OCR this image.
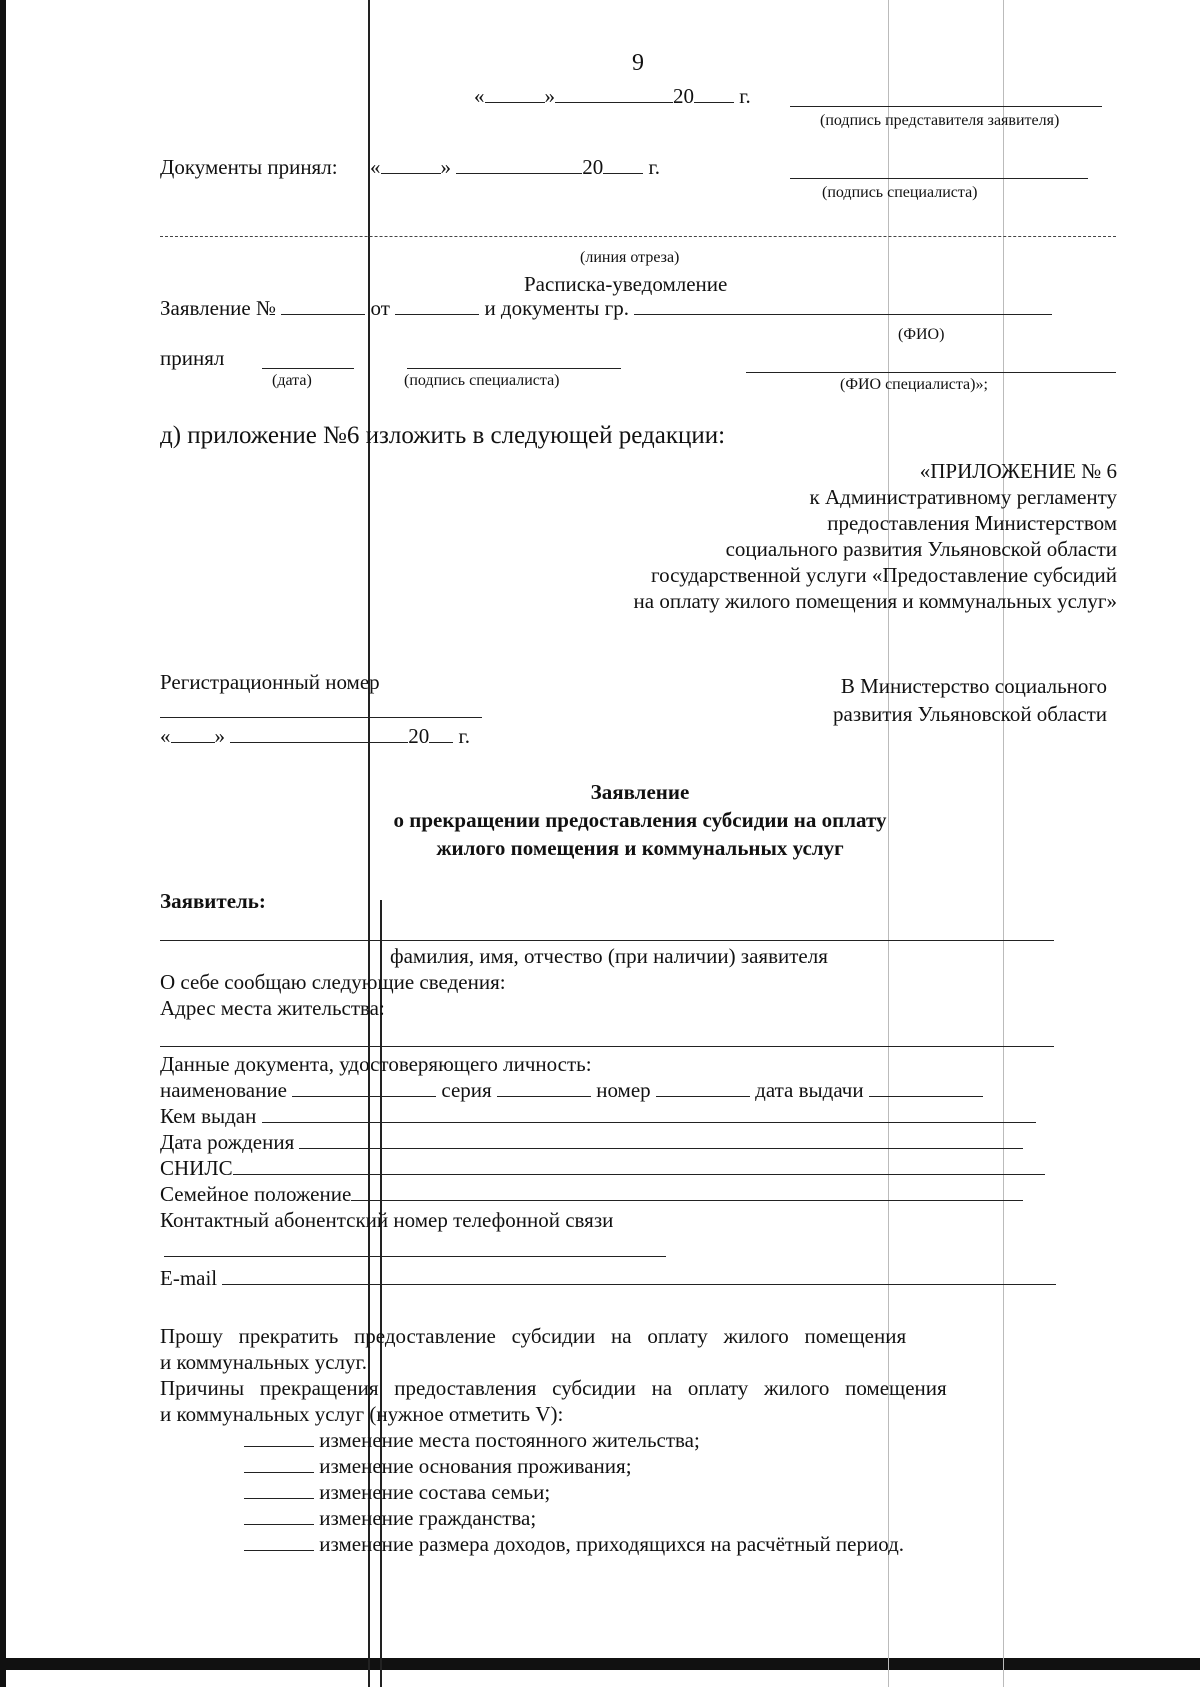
9
«	»	20 г.
(подпись представителя заявителя)
Документы принял: «	»	20 г.
(подпись специалиста)
(линия отреза)
Расписка-уведомление
Заявление №	от	и документы гр.
(ФИО)
принял
(дата)	(подпись специалиста)	(ФИО специалиста)»;
д) приложение №6 изложить в следующей редакции:
«ПРИЛОЖЕНИЕ № 6
к Административному регламенту
предоставления Министерством
социального развития Ульяновской области
государственной услуги «Предоставление субсидий
на оплату жилого помещения и коммунальных услуг»
Регистрационный номер
« »	20 г.
В Министерство социального
развития Ульяновской области
Заявление
о прекращении предоставления субсидии на оплату
жилого помещения и коммунальных услуг
Заявитель:
фамилия, имя, отчество (при наличии) заявителя
О себе сообщаю следующие сведения:
Адрес места жительства:
Данные документа, удостоверяющего личность:
наименование	серия	номер	дата выдачи
Кем выдан
Дата рождения
СНИЛС
Семейное положение
Контактный абонентский номер телефонной связи
E-mail
Прошу   прекратить   предоставление   субсидии   на   оплату   жилого   помещения
и коммунальных услуг.
Причины   прекращения   предоставления   субсидии   на   оплату   жилого   помещения
и коммунальных услуг (нужное отметить V):
изменение места постоянного жительства;
изменение основания проживания;
изменение состава семьи;
изменение гражданства;
изменение размера доходов, приходящихся на расчётный период.
